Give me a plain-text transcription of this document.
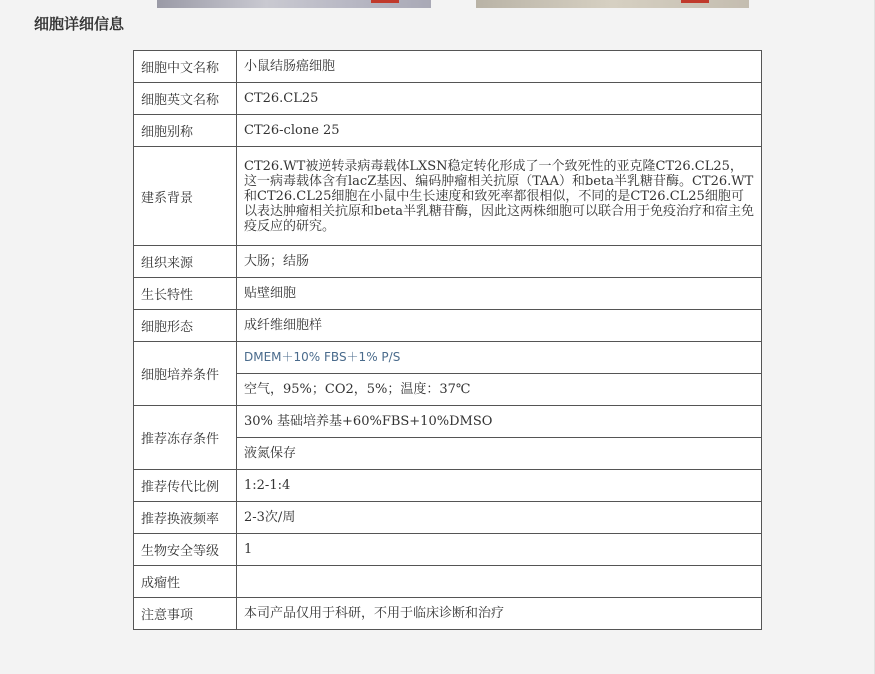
细胞详细信息
细胞中文名称	小鼠结肠癌细胞
细胞英文名称	CT26.CL25
细胞别称	CT26-clone 25
建系背景	CT26.WT被逆转录病毒载体LXSN稳定转化形成了一个致死性的亚克隆CT26.CL25，这一病毒载体含有lacZ基因、编码肿瘤相关抗原（TAA）和beta半乳糖苷酶。CT26.WT和CT26.CL25细胞在小鼠中生长速度和致死率都很相似，不同的是CT26.CL25细胞可以表达肿瘤相关抗原和beta半乳糖苷酶，因此这两株细胞可以联合用于免疫治疗和宿主免疫反应的研究。
组织来源	大肠；结肠
生长特性	贴壁细胞
细胞形态	成纤维细胞样
细胞培养条件	DMEM＋10% FBS＋1% P/S
	空气，95%；CO2，5%；温度：37℃
推荐冻存条件	30% 基础培养基+60%FBS+10%DMSO
	液氮保存
推荐传代比例	1:2-1:4
推荐换液频率	2-3次/周
生物安全等级	1
成瘤性	
注意事项	本司产品仅用于科研，不用于临床诊断和治疗
